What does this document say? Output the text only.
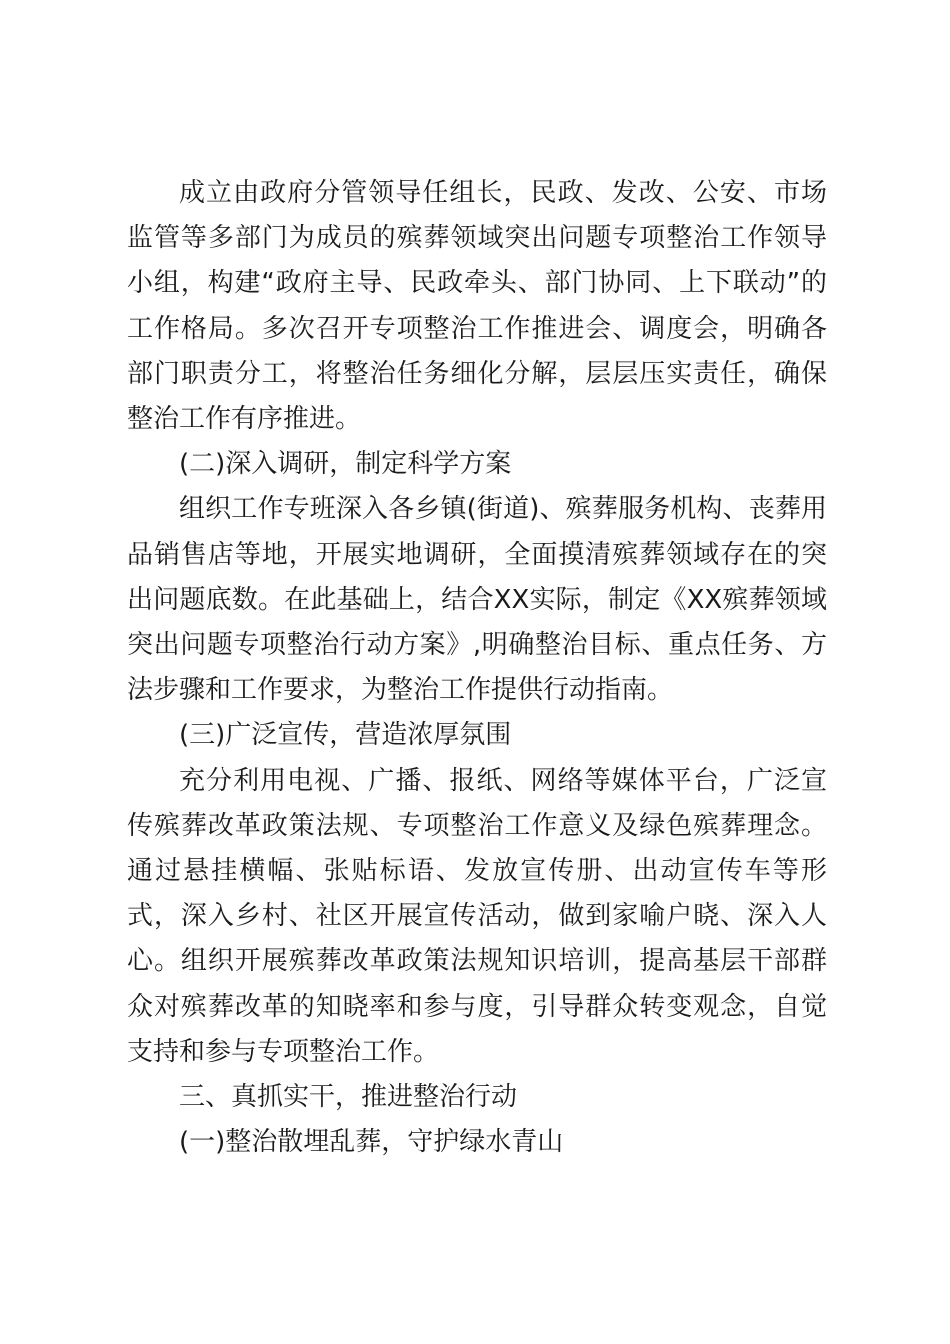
成立由政府分管领导任组长，民政、发改、公安、市场监管等多部门为成员的殡葬领域突出问题专项整治工作领导小组，构建“政府主导、民政牵头、部门协同、上下联动”的工作格局。多次召开专项整治工作推进会、调度会，明确各部门职责分工，将整治任务细化分解，层层压实责任，确保整治工作有序推进。

(二)深入调研，制定科学方案

组织工作专班深入各乡镇(街道)、殡葬服务机构、丧葬用品销售店等地，开展实地调研，全面摸清殡葬领域存在的突出问题底数。在此基础上，结合XX实际，制定《XX殡葬领域突出问题专项整治行动方案》,明确整治目标、重点任务、方法步骤和工作要求，为整治工作提供行动指南。

(三)广泛宣传，营造浓厚氛围

充分利用电视、广播、报纸、网络等媒体平台，广泛宣传殡葬改革政策法规、专项整治工作意义及绿色殡葬理念。通过悬挂横幅、张贴标语、发放宣传册、出动宣传车等形式，深入乡村、社区开展宣传活动，做到家喻户晓、深入人心。组织开展殡葬改革政策法规知识培训，提高基层干部群众对殡葬改革的知晓率和参与度，引导群众转变观念，自觉支持和参与专项整治工作。

三、真抓实干，推进整治行动

(一)整治散埋乱葬，守护绿水青山
